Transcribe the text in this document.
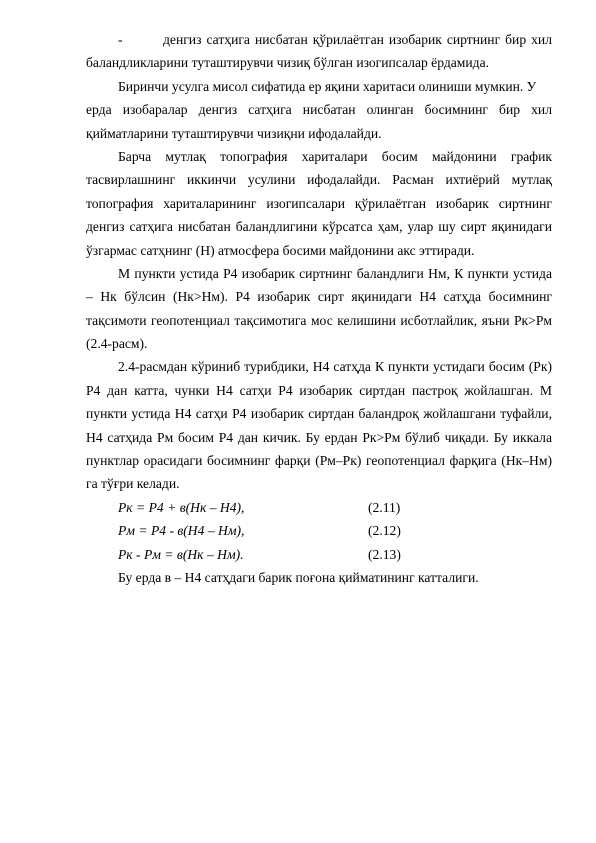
-	денгиз сатҳига нисбатан қўрилаётган изобарик сиртнинг бир хил
баландликларини туташтирувчи чизиқ бўлган изогипсалар ёрдамида.
Биринчи усулга мисол сифатида ер яқини харитаси олиниши мумкин. У
ерда изобаралар денгиз сатҳига нисбатан олинган босимнинг бир хил
қийматларини туташтирувчи чизиқни ифодалайди.
Барча мутлақ топография хариталари босим майдонини график
тасвирлашнинг иккинчи усулини ифодалайди. Расман ихтиёрий мутлақ
топография хариталарининг изогипсалари қўрилаётган изобарик сиртнинг
денгиз сатҳига нисбатан баландлигини кўрсатса ҳам, улар шу сирт яқинидаги
ўзгармас сатҳнинг (Н) атмосфера босими майдонини акс эттиради.
М пункти устида Р4 изобарик сиртнинг баландлиги Нм, К пункти устида
– Нк бўлсин (Нк>Нм). Р4 изобарик сирт яқинидаги Н4 сатҳда босимнинг
тақсимоти геопотенциал тақсимотига мос келишини исботлайлик, яъни Рк>Рм
(2.4-расм).
2.4-расмдан кўриниб турибдики, Н4 сатҳда К пункти устидаги босим (Рк)
Р4 дан катта, чунки Н4 сатҳи Р4 изобарик сиртдан пастроқ жойлашган. М
пункти устида Н4 сатҳи Р4 изобарик сиртдан баландроқ жойлашгани туфайли,
Н4 сатҳида Рм босим Р4 дан кичик. Бу ердан Рк>Рм бўлиб чиқади. Бу иккала
пунктлар орасидаги босимнинг фарқи (Рм–Рк) геопотенциал фарқига (Нк–Нм)
га тўғри келади.
Рк = Р4 + в(Нк – Н4),	(2.11)
Рм = Р4 - в(Н4 – Нм),	(2.12)
Рк - Рм = в(Нк – Нм).	(2.13)
Бу ерда в – Н4 сатҳдаги барик поғона қийматининг катталиги.
